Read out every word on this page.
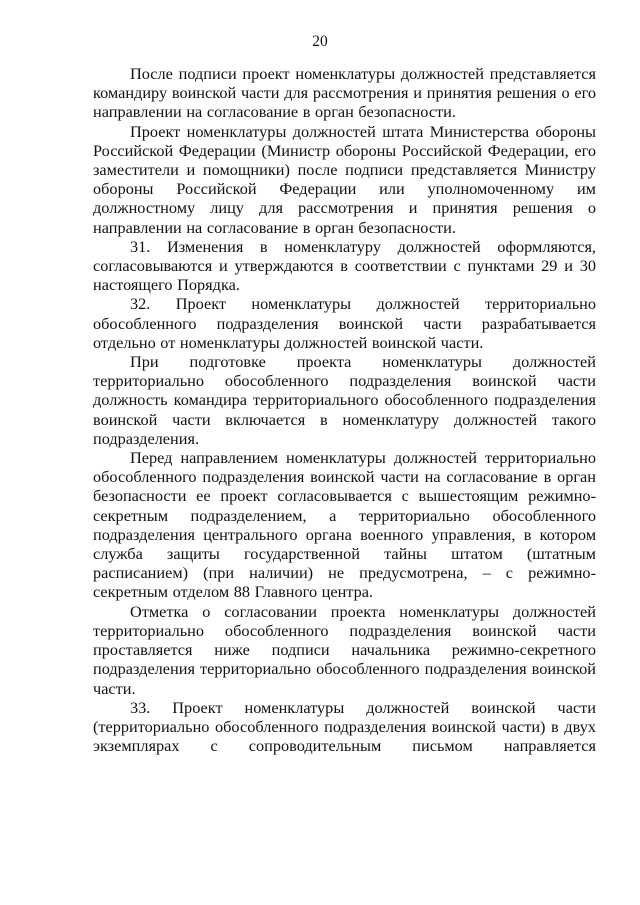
20

После подписи проект номенклатуры должностей представляется командиру воинской части для рассмотрения и принятия решения о его направлении на согласование в орган безопасности.

Проект номенклатуры должностей штата Министерства обороны Российской Федерации (Министр обороны Российской Федерации, его заместители и помощники) после подписи представляется Министру обороны Российской Федерации или уполномоченному им должностному лицу для рассмотрения и принятия решения о направлении на согласование в орган безопасности.

31. Изменения в номенклатуру должностей оформляются, согласовываются и утверждаются в соответствии с пунктами 29 и 30 настоящего Порядка.

32. Проект номенклатуры должностей территориально обособленного подразделения воинской части разрабатывается отдельно от номенклатуры должностей воинской части.

При подготовке проекта номенклатуры должностей территориально обособленного подразделения воинской части должность командира территориального обособленного подразделения воинской части включается в номенклатуру должностей такого подразделения.

Перед направлением номенклатуры должностей территориально обособленного подразделения воинской части на согласование в орган безопасности ее проект согласовывается с вышестоящим режимно-секретным подразделением, а территориально обособленного подразделения центрального органа военного управления, в котором служба защиты государственной тайны штатом (штатным расписанием) (при наличии) не предусмотрена, – с режимно-секретным отделом 88 Главного центра.

Отметка о согласовании проекта номенклатуры должностей территориально обособленного подразделения воинской части проставляется ниже подписи начальника режимно-секретного подразделения территориально обособленного подразделения воинской части.

33. Проект номенклатуры должностей воинской части (территориально обособленного подразделения воинской части) в двух экземплярах с сопроводительным письмом направляется
